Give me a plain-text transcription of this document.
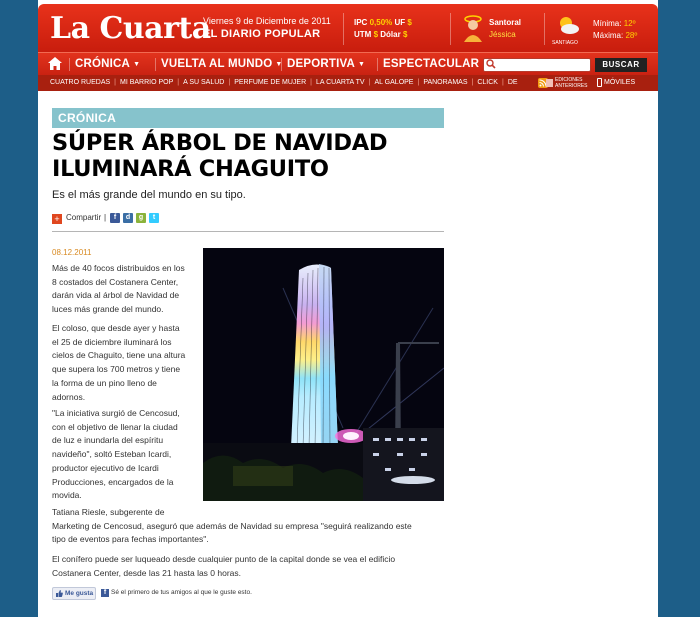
La Cuarta
Viernes 9 de Diciembre de 2011
EL DIARIO POPULAR
IPC 0,50% UF $
UTM $ Dólar $
Santoral
Jéssica
SANTIAGO
Mínima: 12º
Máxima: 28º
CRÓNICA ▼ VUELTA AL MUNDO ▼ DEPORTIVA ▼ ESPECTACULAR	BUSCAR
CUATRO RUEDAS | MI BARRIO POP | A SU SALUD | PERFUME DE MUJER | LA CUARTA TV | AL GALOPE | PANORAMAS | CLICK | DE	EDICIONES ANTERIORES	MÓVILES
CRÓNICA
SÚPER ÁRBOL DE NAVIDAD
ILUMINARÁ CHAGUITO
Es el más grande del mundo en su tipo.
+ Compartir |	f	d	g	t
08.12.2011
Más de 40 focos distribuidos en los
8 costados del Costanera Center,
darán vida al árbol de Navidad de
luces más grande del mundo.
El coloso, que desde ayer y hasta
el 25 de diciembre iluminará los
cielos de Chaguito, tiene una altura
que supera los 700 metros y tiene
la forma de un pino lleno de
adornos.
"La iniciativa surgió de Cencosud,
con el objetivo de llenar la ciudad
de luz e inundarla del espíritu
navideño", soltó Esteban Icardi,
productor ejecutivo de Icardi
Producciones, encargados de la
movida.
Tatiana Riesle, subgerente de
Marketing de Cencosud, aseguró que además de Navidad su empresa "seguirá realizando este
tipo de eventos para fechas importantes".
El conífero puede ser luqueado desde cualquier punto de la capital donde se vea el edificio
Costanera Center, desde las 21 hasta las 0 horas.
Me gusta	f Sé el primero de tus amigos al que le guste esto.
